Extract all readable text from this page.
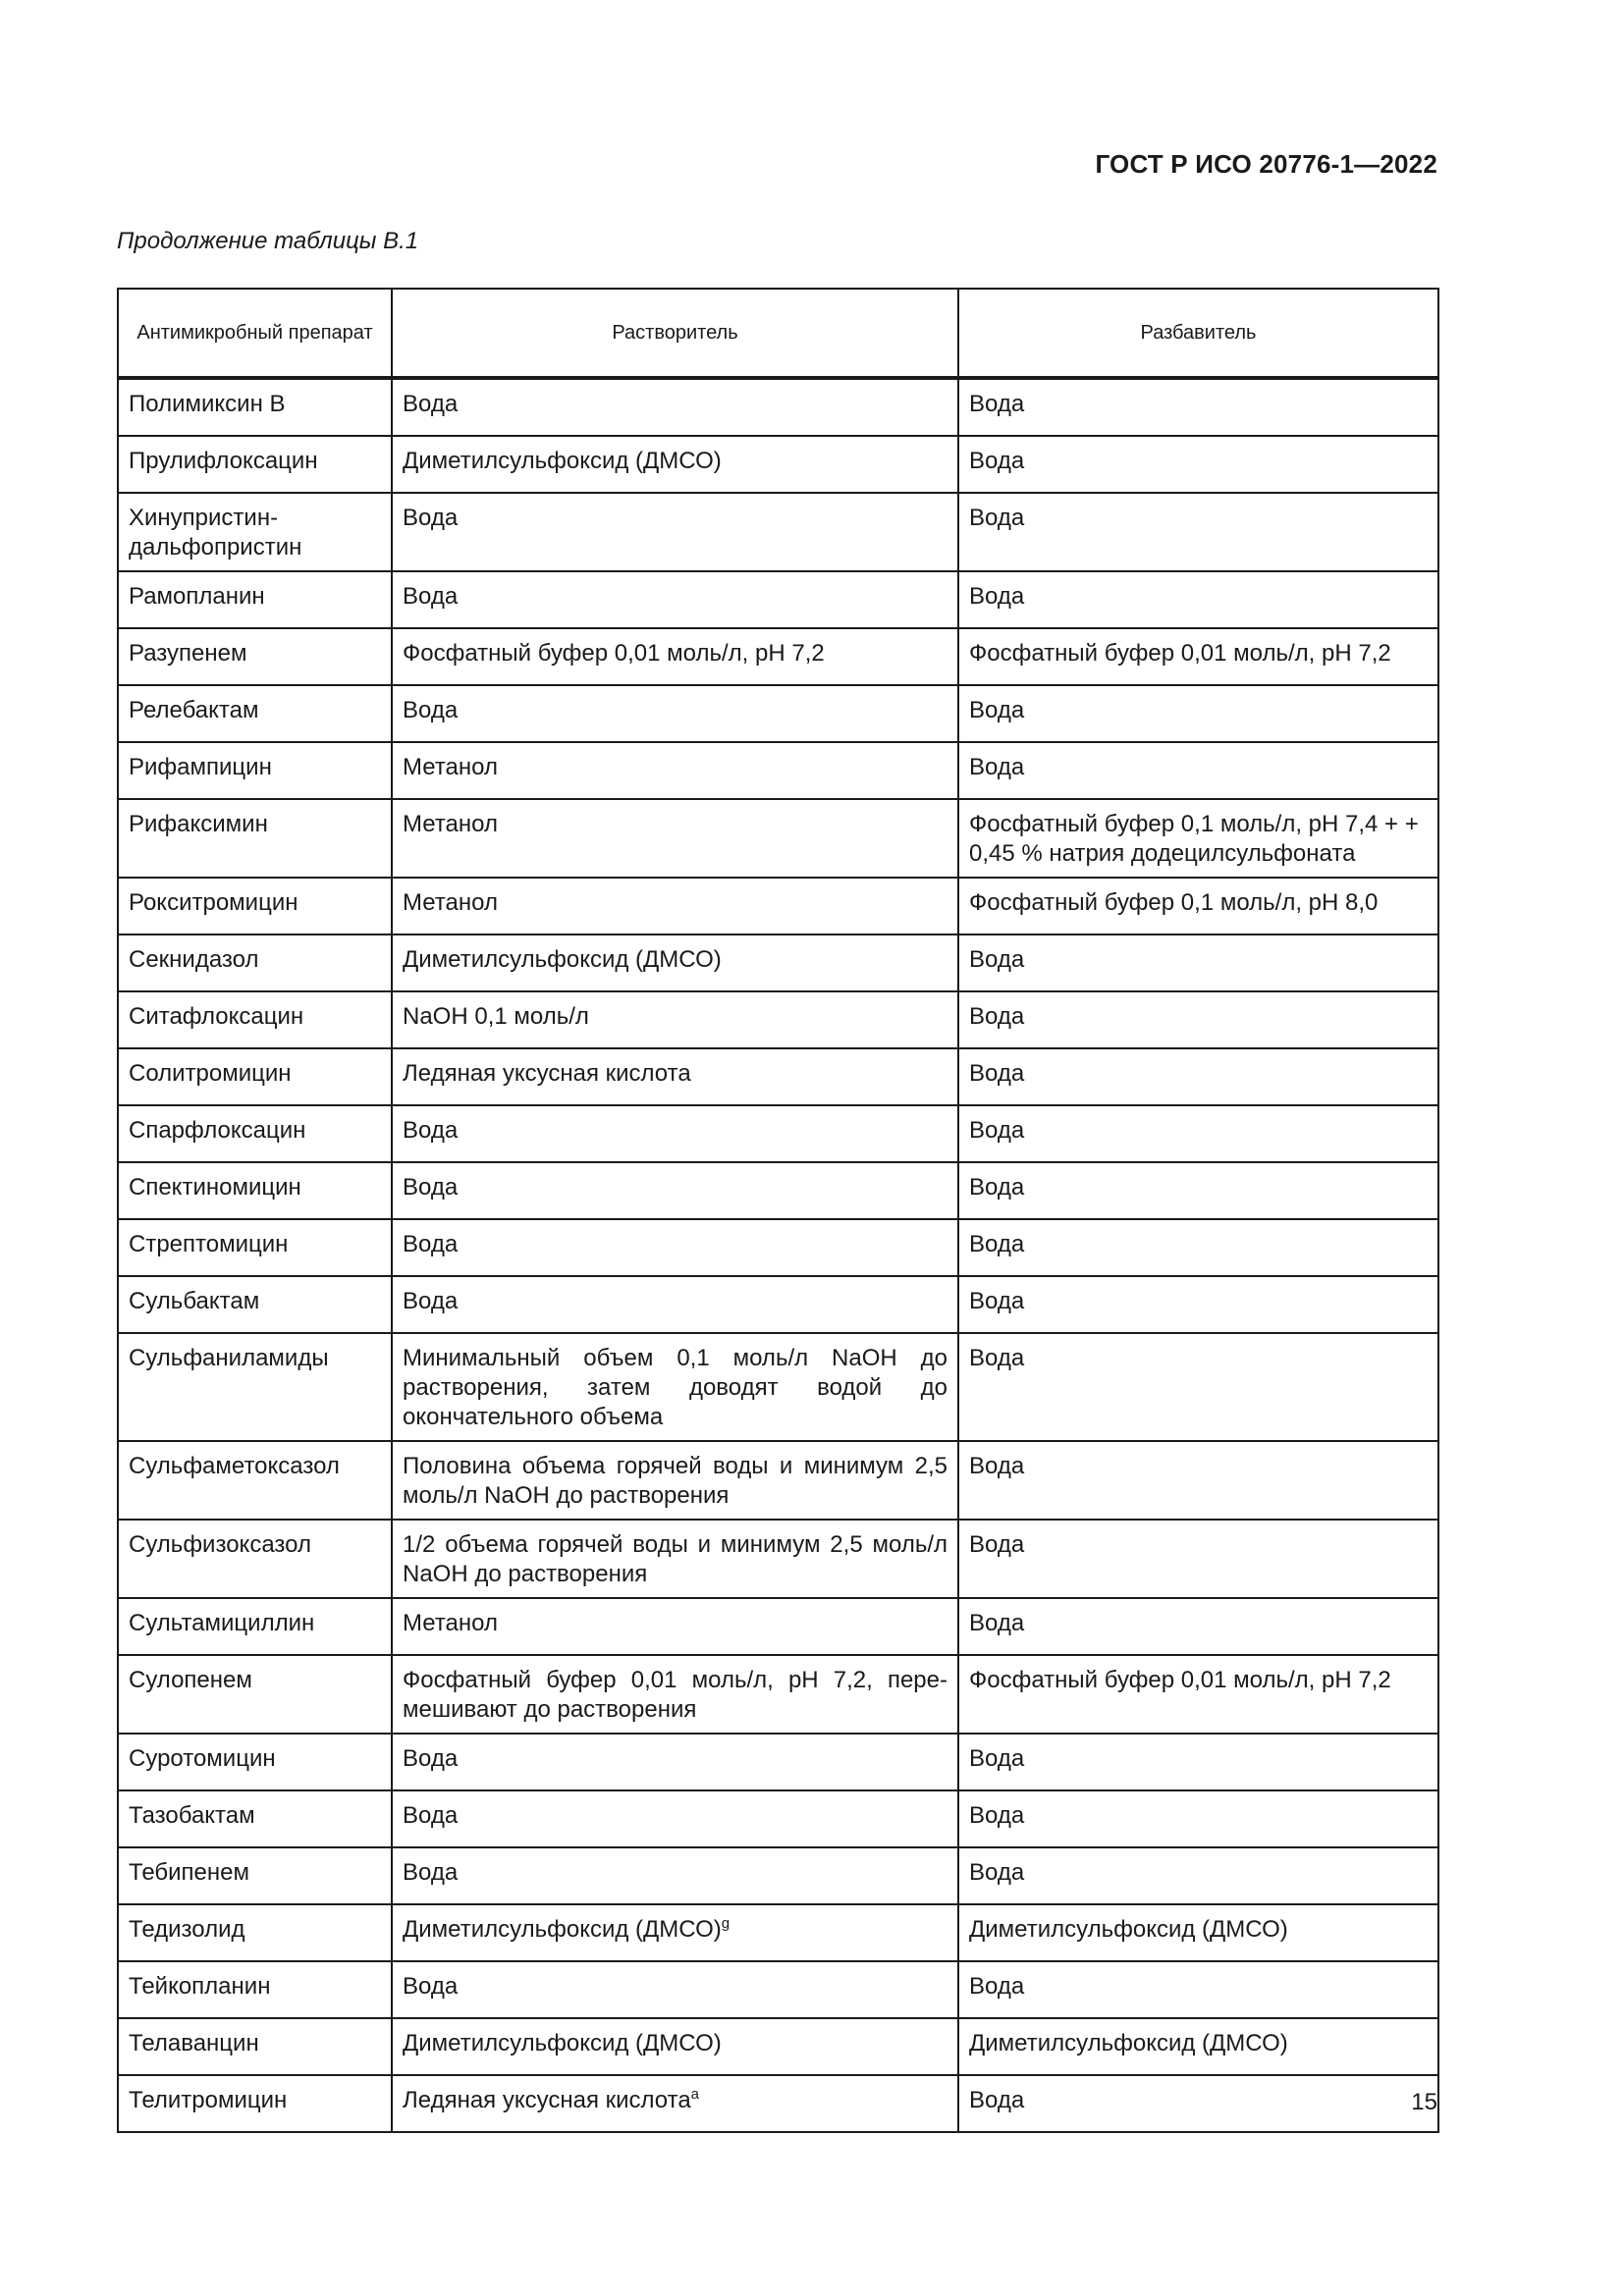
ГОСТ Р ИСО 20776-1—2022
Продолжение таблицы В.1
Антимикробный препарат	Растворитель	Разбавитель
Полимиксин В	Вода	Вода
Прулифлоксацин	Диметилсульфоксид (ДМСО)	Вода
Хинупристин-дальфопристин	Вода	Вода
Рамопланин	Вода	Вода
Разупенем	Фосфатный буфер 0,01 моль/л, pH 7,2	Фосфатный буфер 0,01 моль/л, pH 7,2
Релебактам	Вода	Вода
Рифампицин	Метанол	Вода
Рифаксимин	Метанол	Фосфатный буфер 0,1 моль/л, pH 7,4 + + 0,45 % натрия додецилсульфоната
Рокситромицин	Метанол	Фосфатный буфер 0,1 моль/л, pH 8,0
Секнидазол	Диметилсульфоксид (ДМСО)	Вода
Ситафлоксацин	NaOH 0,1 моль/л	Вода
Солитромицин	Ледяная уксусная кислота	Вода
Спарфлоксацин	Вода	Вода
Спектиномицин	Вода	Вода
Стрептомицин	Вода	Вода
Сульбактам	Вода	Вода
Сульфаниламиды	Минимальный объем 0,1 моль/л NaOH до растворения, затем доводят водой до окончательного объема	Вода
Сульфаметоксазол	Половина объема горячей воды и минимум 2,5 моль/л NaOH до растворения	Вода
Сульфизоксазол	1/2 объема горячей воды и минимум 2,5 моль/л NaOH до растворения	Вода
Сультамициллин	Метанол	Вода
Сулопенем	Фосфатный буфер 0,01 моль/л, pH 7,2, пере-мешивают до растворения	Фосфатный буфер 0,01 моль/л, pH 7,2
Суротомицин	Вода	Вода
Тазобактам	Вода	Вода
Тебипенем	Вода	Вода
Тедизолид	Диметилсульфоксид (ДМСО)$^g$	Диметилсульфоксид (ДМСО)
Тейкопланин	Вода	Вода
Телаванцин	Диметилсульфоксид (ДМСО)	Диметилсульфоксид (ДМСО)
Телитромицин	Ледяная уксусная кислота$^a$	Вода	15
